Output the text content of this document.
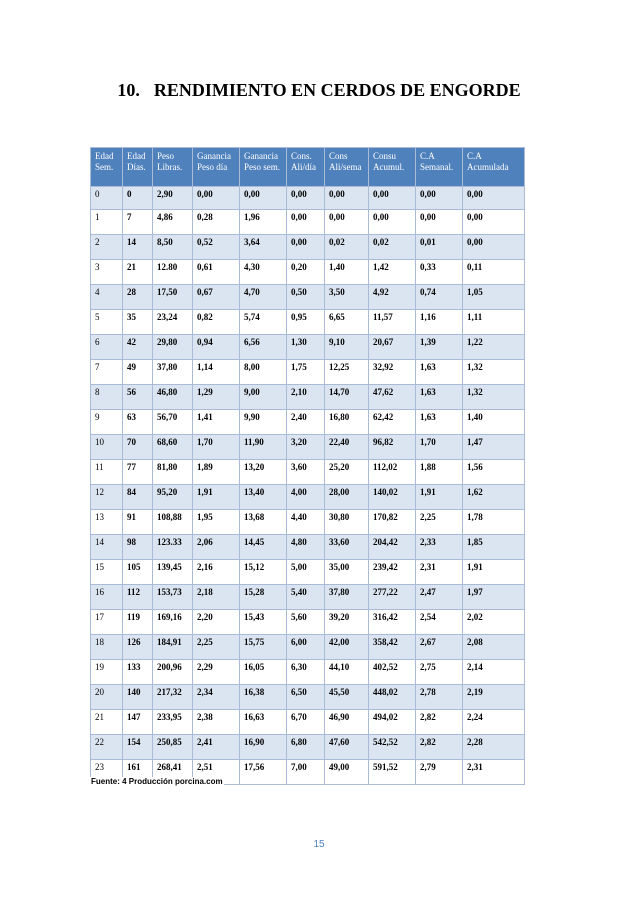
10. RENDIMIENTO EN CERDOS DE ENGORDE
Edad Sem.	Edad Días.	Peso Libras.	Ganancia Peso día	Ganancia Peso sem.	Cons. Ali/día	Cons Ali/sema	Consu Acumul.	C.A Semanal.	C.A Acumulada
0	0	2,90	0,00	0,00	0,00	0,00	0,00	0,00	0,00
1	7	4,86	0,28	1,96	0,00	0,00	0,00	0,00	0,00
2	14	8,50	0,52	3,64	0,00	0,02	0,02	0,01	0,00
3	21	12.80	0,61	4,30	0,20	1,40	1,42	0,33	0,11
4	28	17,50	0,67	4,70	0,50	3,50	4,92	0,74	1,05
5	35	23,24	0,82	5,74	0,95	6,65	11,57	1,16	1,11
6	42	29,80	0,94	6,56	1,30	9,10	20,67	1,39	1,22
7	49	37,80	1,14	8,00	1,75	12,25	32,92	1,63	1,32
8	56	46,80	1,29	9,00	2,10	14,70	47,62	1,63	1,32
9	63	56,70	1,41	9,90	2,40	16,80	62,42	1,63	1,40
10	70	68,60	1,70	11,90	3,20	22,40	96,82	1,70	1,47
11	77	81,80	1,89	13,20	3,60	25,20	112,02	1,88	1,56
12	84	95,20	1,91	13,40	4,00	28,00	140,02	1,91	1,62
13	91	108,88	1,95	13,68	4,40	30,80	170,82	2,25	1,78
14	98	123.33	2,06	14,45	4,80	33,60	204,42	2,33	1,85
15	105	139,45	2,16	15,12	5,00	35,00	239,42	2,31	1,91
16	112	153,73	2,18	15,28	5,40	37,80	277,22	2,47	1,97
17	119	169,16	2,20	15,43	5,60	39,20	316,42	2,54	2,02
18	126	184,91	2,25	15,75	6,00	42,00	358,42	2,67	2,08
19	133	200,96	2,29	16,05	6,30	44,10	402,52	2,75	2,14
20	140	217,32	2,34	16,38	6,50	45,50	448,02	2,78	2,19
21	147	233,95	2,38	16,63	6,70	46,90	494,02	2,82	2,24
22	154	250,85	2,41	16,90	6,80	47,60	542,52	2,82	2,28
23	161	268,41	2,51	17,56	7,00	49,00	591,52	2,79	2,31
Fuente: 4 Producción porcina.com
15
